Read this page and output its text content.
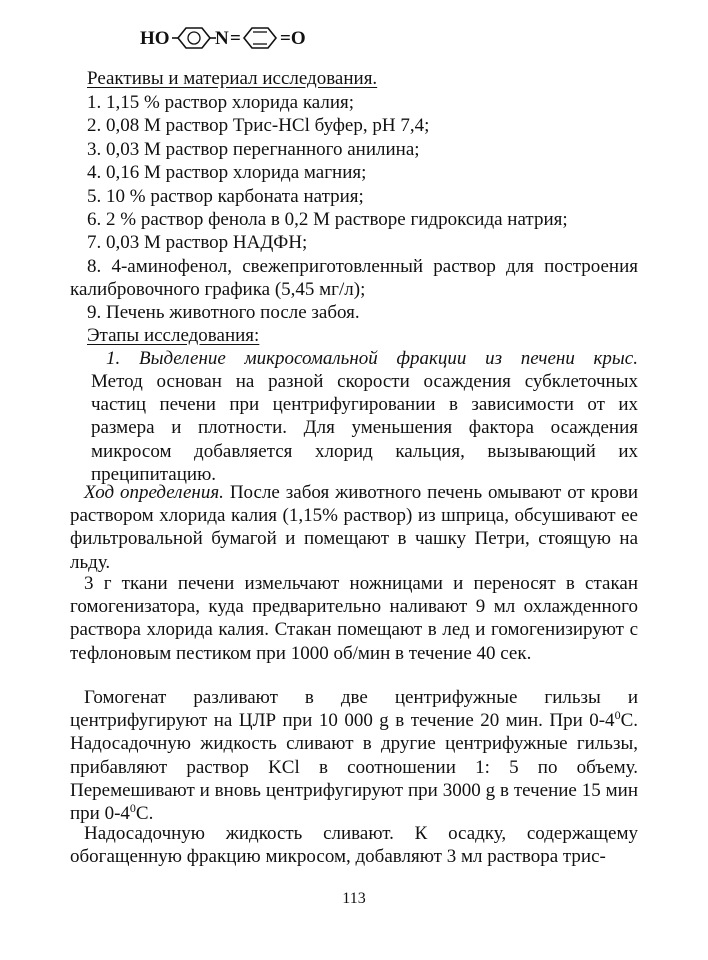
HO N = =O
Реактивы и материал исследования.
1. 1,15 % раствор хлорида калия;
2. 0,08 М раствор Трис-HCl буфер, рН 7,4;
3. 0,03 М раствор перегнанного анилина;
4. 0,16 М раствор хлорида магния;
5. 10 % раствор карбоната натрия;
6. 2 % раствор фенола в 0,2 М растворе гидроксида натрия;
7. 0,03 М раствор НАДФН;
8. 4-аминофенол, свежеприготовленный раствор для построения калибровочного графика (5,45 мг/л);
9. Печень животного после забоя.
Этапы исследования:
1. Выделение микросомальной фракции из печени крыс.
Метод основан на разной скорости осаждения субклеточных частиц печени при центрифугировании в зависимости от их размера и плотности. Для уменьшения фактора осаждения микросом добавляется хлорид кальция, вызывающий их преципитацию.
Ход определения. После забоя животного печень омывают от крови раствором хлорида калия (1,15% раствор) из шприца, обсушивают ее фильтровальной бумагой и помещают в чашку Петри, стоящую на льду.
3 г ткани печени измельчают ножницами и переносят в стакан гомогенизатора, куда предварительно наливают 9 мл охлажденного раствора хлорида калия. Стакан помещают в лед и гомогенизируют с тефлоновым пестиком при 1000 об/мин в течение 40 сек.
Гомогенат разливают в две центрифужные гильзы и центрифугируют на ЦЛР при 10 000 g в течение 20 мин. При $0-4^0С$. Надосадочную жидкость сливают в другие центрифужные гильзы, прибавляют раствор KCl в соотношении 1: 5 по объему. Перемешивают и вновь центрифугируют при 3000 g в течение 15 мин при $0-4^0С$.
Надосадочную жидкость сливают. К осадку, содержащему обогащенную фракцию микросом, добавляют 3 мл раствора трис-
113
